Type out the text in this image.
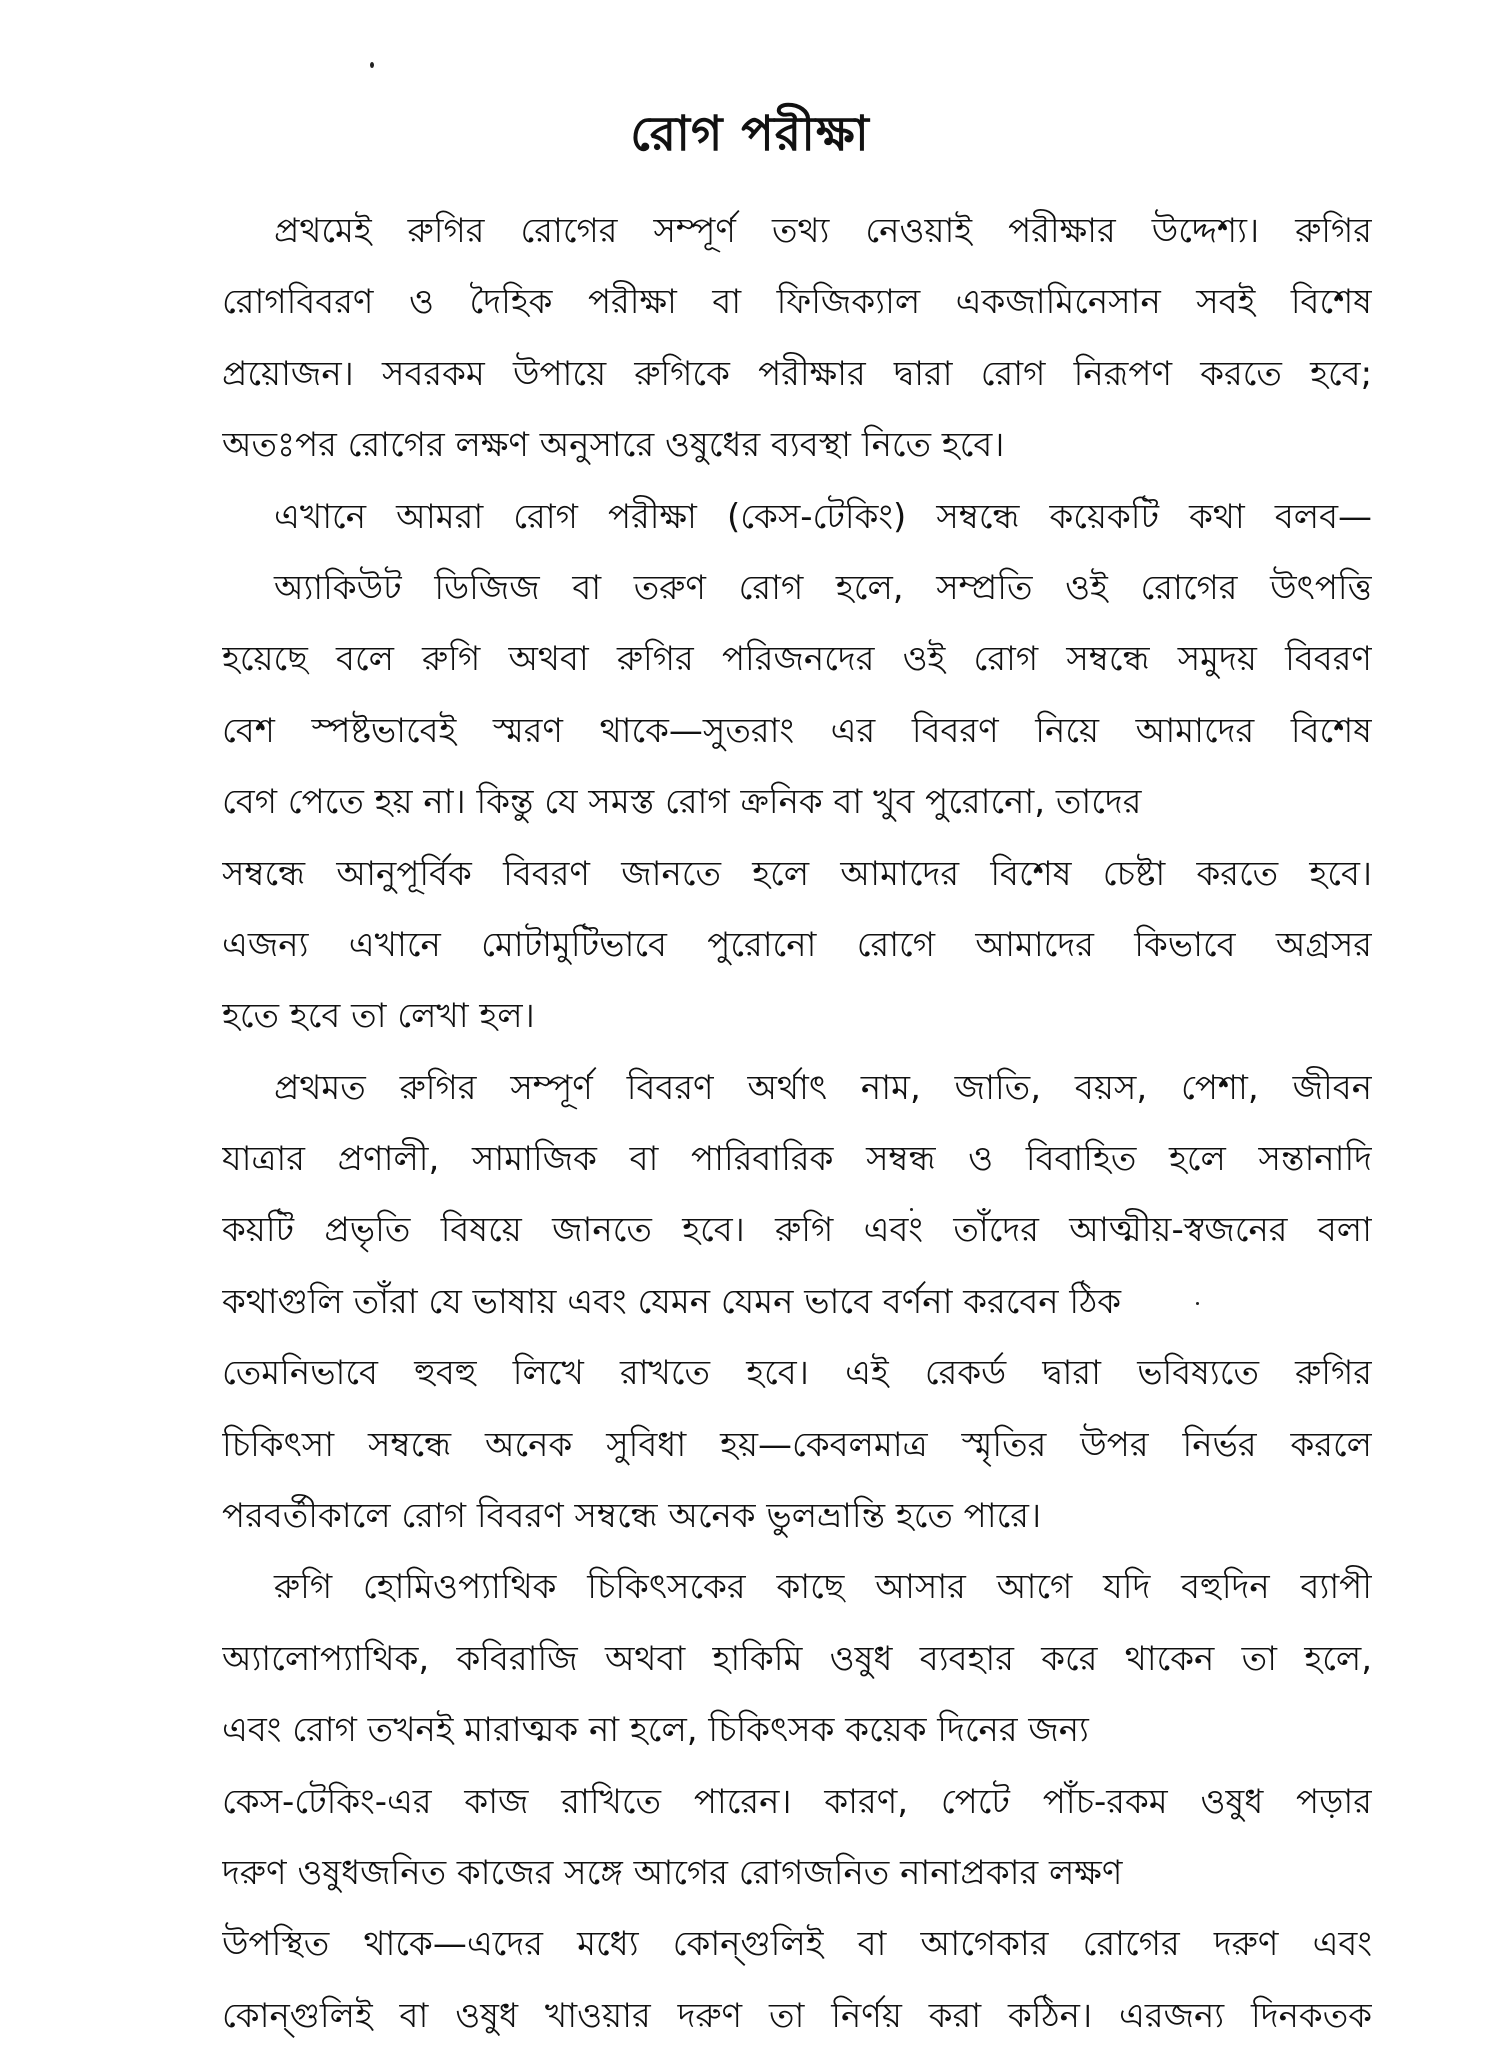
রোগ পরীক্ষা
প্রথমেই রুগির রোগের সম্পূর্ণ তথ্য নেওয়াই পরীক্ষার উদ্দেশ্য। রুগির
রোগবিবরণ ও দৈহিক পরীক্ষা বা ফিজিক্যাল একজামিনেসান সবই বিশেষ
প্রয়োজন। সবরকম উপায়ে রুগিকে পরীক্ষার দ্বারা রোগ নিরূপণ করতে হবে;
অতঃপর রোগের লক্ষণ অনুসারে ওষুধের ব্যবস্থা নিতে হবে।
এখানে আমরা রোগ পরীক্ষা (কেস-টেকিং) সম্বন্ধে কয়েকটি কথা বলব—
অ্যাকিউট ডিজিজ বা তরুণ রোগ হলে, সম্প্রতি ওই রোগের উৎপত্তি
হয়েছে বলে রুগি অথবা রুগির পরিজনদের ওই রোগ সম্বন্ধে সমুদয় বিবরণ
বেশ স্পষ্টভাবেই স্মরণ থাকে—সুতরাং এর বিবরণ নিয়ে আমাদের বিশেষ
বেগ পেতে হয় না। কিন্তু যে সমস্ত রোগ ক্রনিক বা খুব পুরোনো, তাদের
সম্বন্ধে আনুপূর্বিক বিবরণ জানতে হলে আমাদের বিশেষ চেষ্টা করতে হবে।
এজন্য এখানে মোটামুটিভাবে পুরোনো রোগে আমাদের কিভাবে অগ্রসর
হতে হবে তা লেখা হল।
প্রথমত রুগির সম্পূর্ণ বিবরণ অর্থাৎ নাম, জাতি, বয়স, পেশা, জীবন
যাত্রার প্রণালী, সামাজিক বা পারিবারিক সম্বন্ধ ও বিবাহিত হলে সন্তানাদি
কয়টি প্রভৃতি বিষয়ে জানতে হবে। রুগি এবং তাঁদের আত্মীয়-স্বজনের বলা
কথাগুলি তাঁরা যে ভাষায় এবং যেমন যেমন ভাবে বর্ণনা করবেন ঠিক
তেমনিভাবে হুবহু লিখে রাখতে হবে। এই রেকর্ড দ্বারা ভবিষ্যতে রুগির
চিকিৎসা সম্বন্ধে অনেক সুবিধা হয়—কেবলমাত্র স্মৃতির উপর নির্ভর করলে
পরবর্তীকালে রোগ বিবরণ সম্বন্ধে অনেক ভুলভ্রান্তি হতে পারে।
রুগি হোমিওপ্যাথিক চিকিৎসকের কাছে আসার আগে যদি বহুদিন ব্যাপী
অ্যালোপ্যাথিক, কবিরাজি অথবা হাকিমি ওষুধ ব্যবহার করে থাকেন তা হলে,
এবং রোগ তখনই মারাত্মক না হলে, চিকিৎসক কয়েক দিনের জন্য
কেস-টেকিং-এর কাজ রাখিতে পারেন। কারণ, পেটে পাঁচ-রকম ওষুধ পড়ার
দরুণ ওষুধজনিত কাজের সঙ্গে আগের রোগজনিত নানাপ্রকার লক্ষণ
উপস্থিত থাকে—এদের মধ্যে কোন্‌গুলিই বা আগেকার রোগের দরুণ এবং
কোন্‌গুলিই বা ওষুধ খাওয়ার দরুণ তা নির্ণয় করা কঠিন। এরজন্য দিনকতক
